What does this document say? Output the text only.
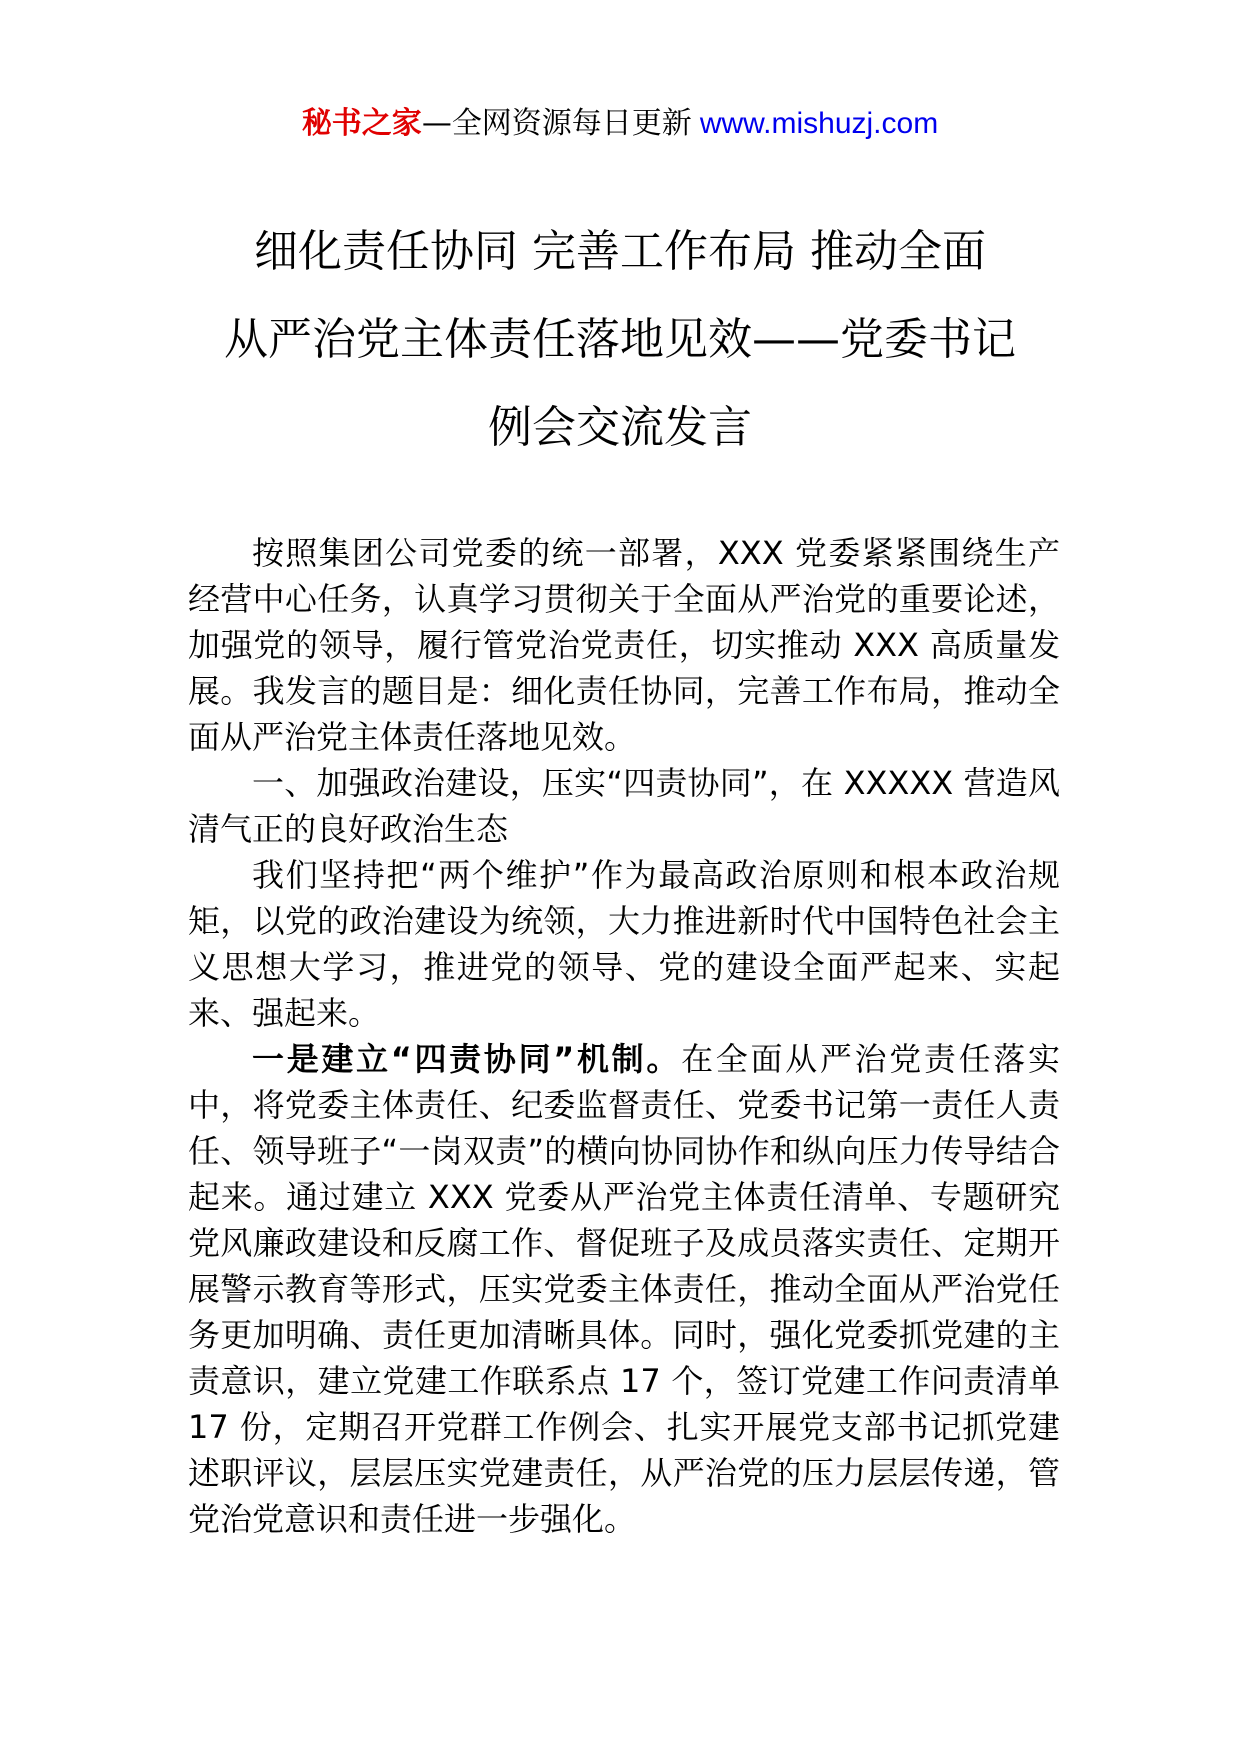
秘书之家—全网资源每日更新 www.mishuzj.com
细化责任协同 完善工作布局 推动全面
从严治党主体责任落地见效——党委书记
例会交流发言

按照集团公司党委的统一部署，XXX 党委紧紧围绕生产经营中心任务，认真学习贯彻关于全面从严治党的重要论述，加强党的领导，履行管党治党责任，切实推动 XXX 高质量发展。我发言的题目是：细化责任协同，完善工作布局，推动全面从严治党主体责任落地见效。

一、加强政治建设，压实“四责协同”，在 XXXXX 营造风清气正的良好政治生态

我们坚持把“两个维护”作为最高政治原则和根本政治规矩，以党的政治建设为统领，大力推进新时代中国特色社会主义思想大学习，推进党的领导、党的建设全面严起来、实起来、强起来。

一是建立“四责协同”机制。在全面从严治党责任落实中，将党委主体责任、纪委监督责任、党委书记第一责任人责任、领导班子“一岗双责”的横向协同协作和纵向压力传导结合起来。通过建立 XXX 党委从严治党主体责任清单、专题研究党风廉政建设和反腐工作、督促班子及成员落实责任、定期开展警示教育等形式，压实党委主体责任，推动全面从严治党任务更加明确、责任更加清晰具体。同时，强化党委抓党建的主责意识，建立党建工作联系点 17 个，签订党建工作问责清单 17 份，定期召开党群工作例会、扎实开展党支部书记抓党建述职评议，层层压实党建责任，从严治党的压力层层传递，管党治党意识和责任进一步强化。
